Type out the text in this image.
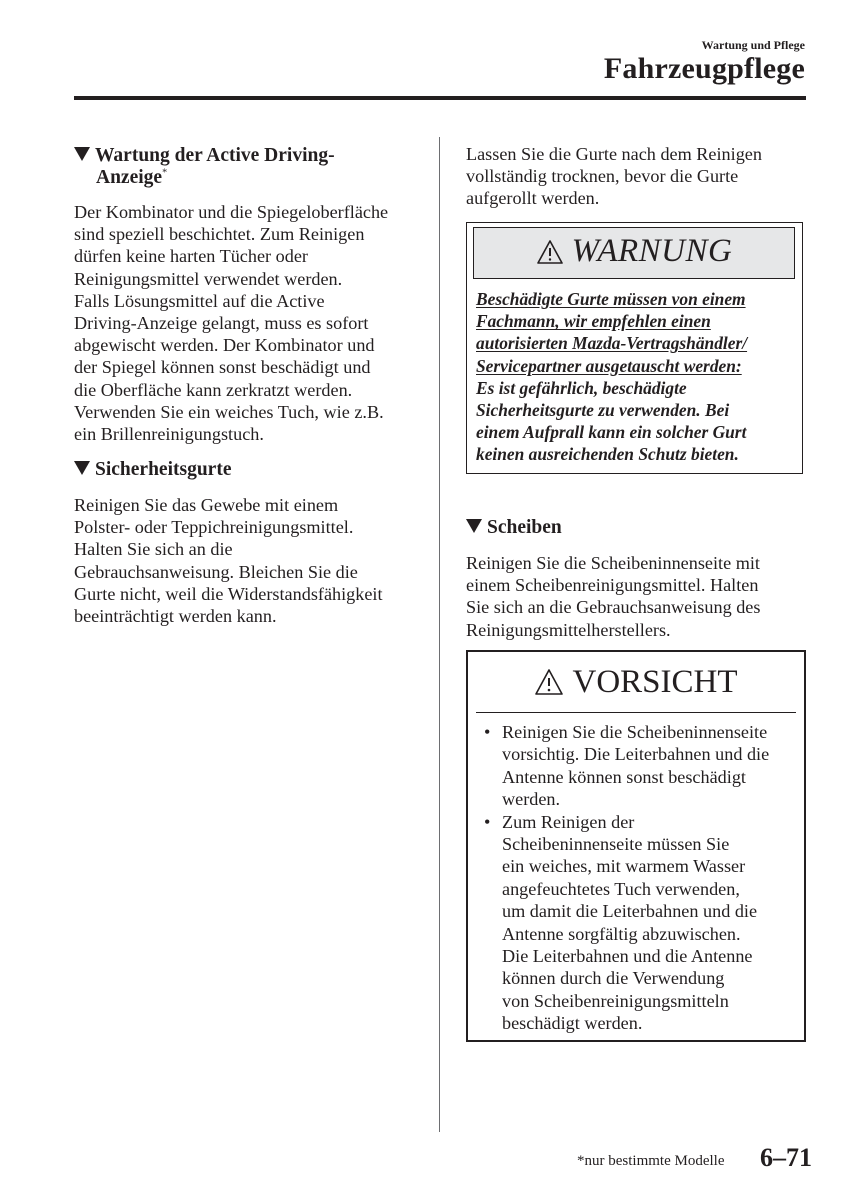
Wartung und Pflege
Fahrzeugpflege
Wartung der Active Driving-
Anzeige*
Der Kombinator und die Spiegeloberfläche
sind speziell beschichtet. Zum Reinigen
dürfen keine harten Tücher oder
Reinigungsmittel verwendet werden.
Falls Lösungsmittel auf die Active
Driving-Anzeige gelangt, muss es sofort
abgewischt werden. Der Kombinator und
der Spiegel können sonst beschädigt und
die Oberfläche kann zerkratzt werden.
Verwenden Sie ein weiches Tuch, wie z.B.
ein Brillenreinigungstuch.
Sicherheitsgurte
Reinigen Sie das Gewebe mit einem
Polster- oder Teppichreinigungsmittel.
Halten Sie sich an die
Gebrauchsanweisung. Bleichen Sie die
Gurte nicht, weil die Widerstandsfähigkeit
beeinträchtigt werden kann.
Lassen Sie die Gurte nach dem Reinigen
vollständig trocknen, bevor die Gurte
aufgerollt werden.
WARNUNG
Beschädigte Gurte müssen von einem
Fachmann, wir empfehlen einen
autorisierten Mazda-Vertragshändler/
Servicepartner ausgetauscht werden:
Es ist gefährlich, beschädigte
Sicherheitsgurte zu verwenden. Bei
einem Aufprall kann ein solcher Gurt
keinen ausreichenden Schutz bieten.
Scheiben
Reinigen Sie die Scheibeninnenseite mit
einem Scheibenreinigungsmittel. Halten
Sie sich an die Gebrauchsanweisung des
Reinigungsmittelherstellers.
VORSICHT
• Reinigen Sie die Scheibeninnenseite
vorsichtig. Die Leiterbahnen und die
Antenne können sonst beschädigt
werden.
• Zum Reinigen der
Scheibeninnenseite müssen Sie
ein weiches, mit warmem Wasser
angefeuchtetes Tuch verwenden,
um damit die Leiterbahnen und die
Antenne sorgfältig abzuwischen.
Die Leiterbahnen und die Antenne
können durch die Verwendung
von Scheibenreinigungsmitteln
beschädigt werden.
*nur bestimmte Modelle 6–71
